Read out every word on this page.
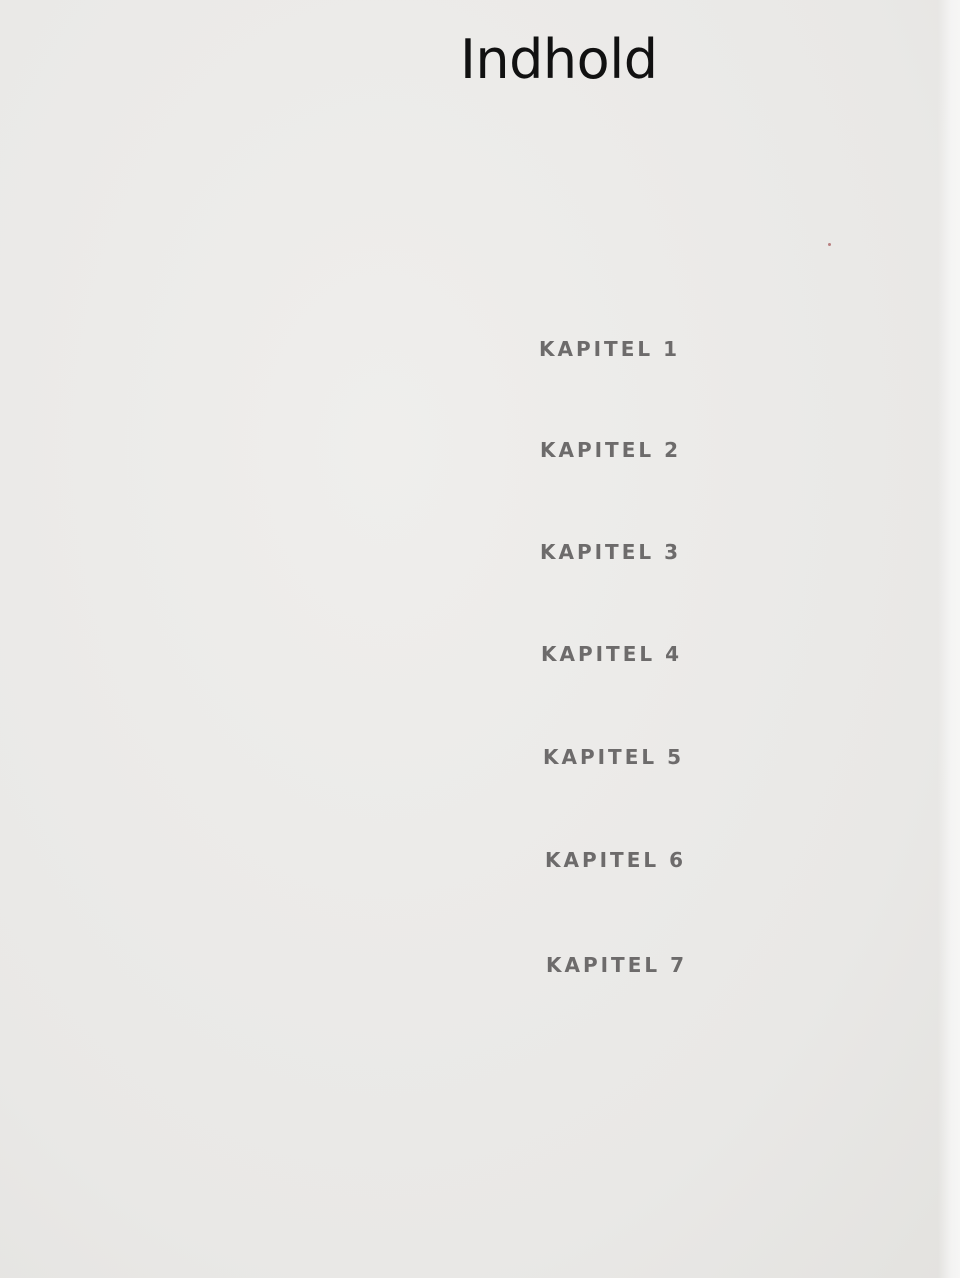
Indhold
KAPITEL 1
KAPITEL 2
KAPITEL 3
KAPITEL 4
KAPITEL 5
KAPITEL 6
KAPITEL 7
